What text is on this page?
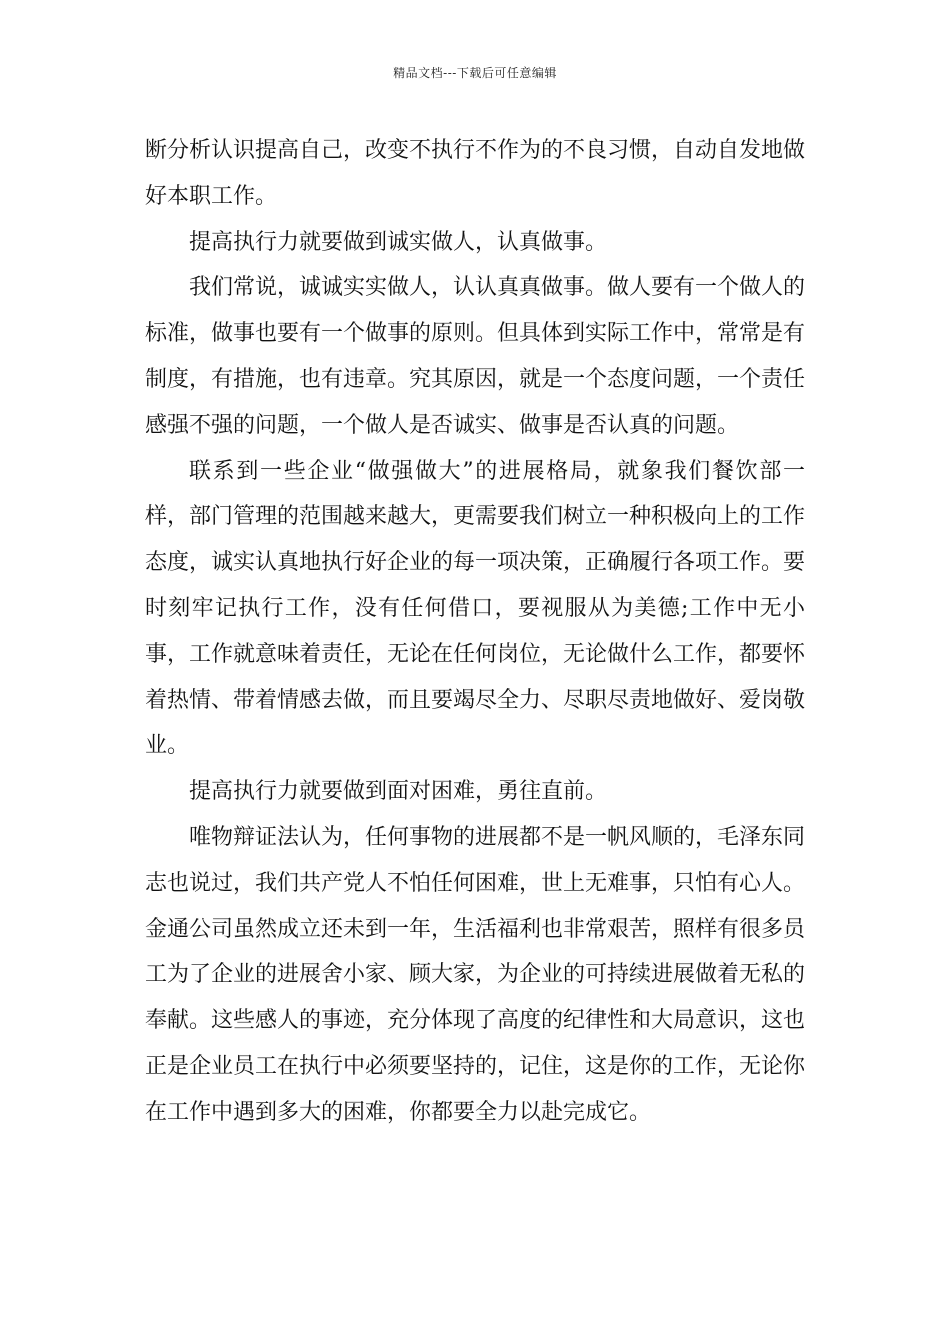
精品文档---下载后可任意编辑

断分析认识提高自己，改变不执行不作为的不良习惯，自动自发地做好本职工作。

提高执行力就要做到诚实做人，认真做事。

我们常说，诚诚实实做人，认认真真做事。做人要有一个做人的标准，做事也要有一个做事的原则。但具体到实际工作中，常常是有制度，有措施，也有违章。究其原因，就是一个态度问题，一个责任感强不强的问题，一个做人是否诚实、做事是否认真的问题。

联系到一些企业“做强做大”的进展格局，就象我们餐饮部一样，部门管理的范围越来越大，更需要我们树立一种积极向上的工作态度，诚实认真地执行好企业的每一项决策，正确履行各项工作。要时刻牢记执行工作，没有任何借口，要视服从为美德;工作中无小事，工作就意味着责任，无论在任何岗位，无论做什么工作，都要怀着热情、带着情感去做，而且要竭尽全力、尽职尽责地做好、爱岗敬业。

提高执行力就要做到面对困难，勇往直前。

唯物辩证法认为，任何事物的进展都不是一帆风顺的，毛泽东同志也说过，我们共产党人不怕任何困难，世上无难事，只怕有心人。金通公司虽然成立还未到一年，生活福利也非常艰苦，照样有很多员工为了企业的进展舍小家、顾大家，为企业的可持续进展做着无私的奉献。这些感人的事迹，充分体现了高度的纪律性和大局意识，这也正是企业员工在执行中必须要坚持的，记住，这是你的工作，无论你在工作中遇到多大的困难，你都要全力以赴完成它。
